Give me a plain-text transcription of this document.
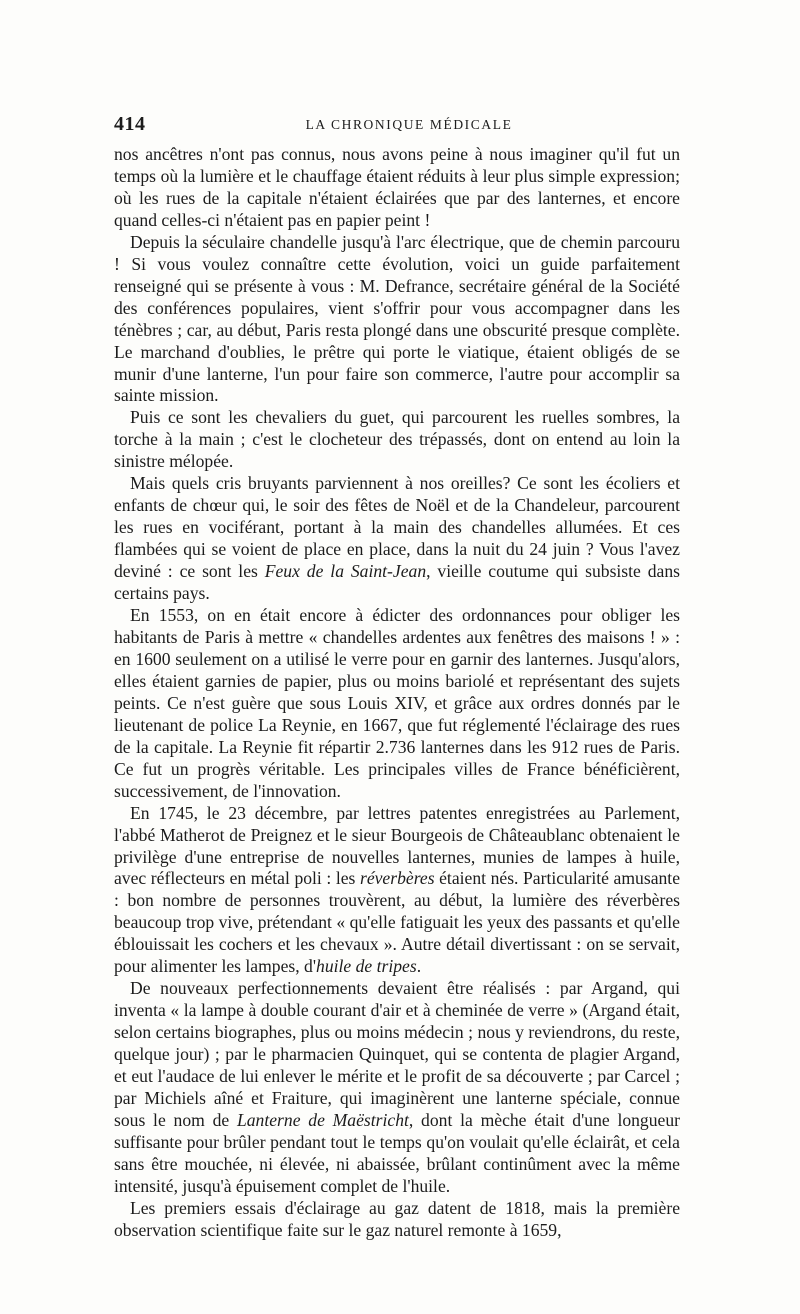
414	LA CHRONIQUE MÉDICALE

nos ancêtres n'ont pas connus, nous avons peine à nous imaginer qu'il fut un temps où la lumière et le chauffage étaient réduits à leur plus simple expression; où les rues de la capitale n'étaient éclairées que par des lanternes, et encore quand celles-ci n'étaient pas en papier peint !

Depuis la séculaire chandelle jusqu'à l'arc électrique, que de chemin parcouru ! Si vous voulez connaître cette évolution, voici un guide parfaitement renseigné qui se présente à vous : M. Defrance, secrétaire général de la Société des conférences populaires, vient s'offrir pour vous accompagner dans les ténèbres ; car, au début, Paris resta plongé dans une obscurité presque complète. Le marchand d'oublies, le prêtre qui porte le viatique, étaient obligés de se munir d'une lanterne, l'un pour faire son commerce, l'autre pour accomplir sa sainte mission.

Puis ce sont les chevaliers du guet, qui parcourent les ruelles sombres, la torche à la main ; c'est le clocheteur des trépassés, dont on entend au loin la sinistre mélopée.

Mais quels cris bruyants parviennent à nos oreilles? Ce sont les écoliers et enfants de chœur qui, le soir des fêtes de Noël et de la Chandeleur, parcourent les rues en vociférant, portant à la main des chandelles allumées. Et ces flambées qui se voient de place en place, dans la nuit du 24 juin ? Vous l'avez deviné : ce sont les Feux de la Saint-Jean, vieille coutume qui subsiste dans certains pays.

En 1553, on en était encore à édicter des ordonnances pour obliger les habitants de Paris à mettre « chandelles ardentes aux fenêtres des maisons ! » : en 1600 seulement on a utilisé le verre pour en garnir des lanternes. Jusqu'alors, elles étaient garnies de papier, plus ou moins bariolé et représentant des sujets peints. Ce n'est guère que sous Louis XIV, et grâce aux ordres donnés par le lieutenant de police La Reynie, en 1667, que fut réglementé l'éclairage des rues de la capitale. La Reynie fit répartir 2.736 lanternes dans les 912 rues de Paris. Ce fut un progrès véritable. Les principales villes de France bénéficièrent, successivement, de l'innovation.

En 1745, le 23 décembre, par lettres patentes enregistrées au Parlement, l'abbé Matherot de Preignez et le sieur Bourgeois de Châteaublanc obtenaient le privilège d'une entreprise de nouvelles lanternes, munies de lampes à huile, avec réflecteurs en métal poli : les réverbères étaient nés. Particularité amusante : bon nombre de personnes trouvèrent, au début, la lumière des réverbères beaucoup trop vive, prétendant « qu'elle fatiguait les yeux des passants et qu'elle éblouissait les cochers et les chevaux ». Autre détail divertissant : on se servait, pour alimenter les lampes, d'huile de tripes.

De nouveaux perfectionnements devaient être réalisés : par Argand, qui inventa « la lampe à double courant d'air et à cheminée de verre » (Argand était, selon certains biographes, plus ou moins médecin ; nous y reviendrons, du reste, quelque jour) ; par le pharmacien Quinquet, qui se contenta de plagier Argand, et eut l'audace de lui enlever le mérite et le profit de sa découverte ; par Carcel ; par Michiels aîné et Fraiture, qui imaginèrent une lanterne spéciale, connue sous le nom de Lanterne de Maëstricht, dont la mèche était d'une longueur suffisante pour brûler pendant tout le temps qu'on voulait qu'elle éclairât, et cela sans être mouchée, ni élevée, ni abaissée, brûlant continûment avec la même intensité, jusqu'à épuisement complet de l'huile.

Les premiers essais d'éclairage au gaz datent de 1818, mais la première observation scientifique faite sur le gaz naturel remonte à 1659,
